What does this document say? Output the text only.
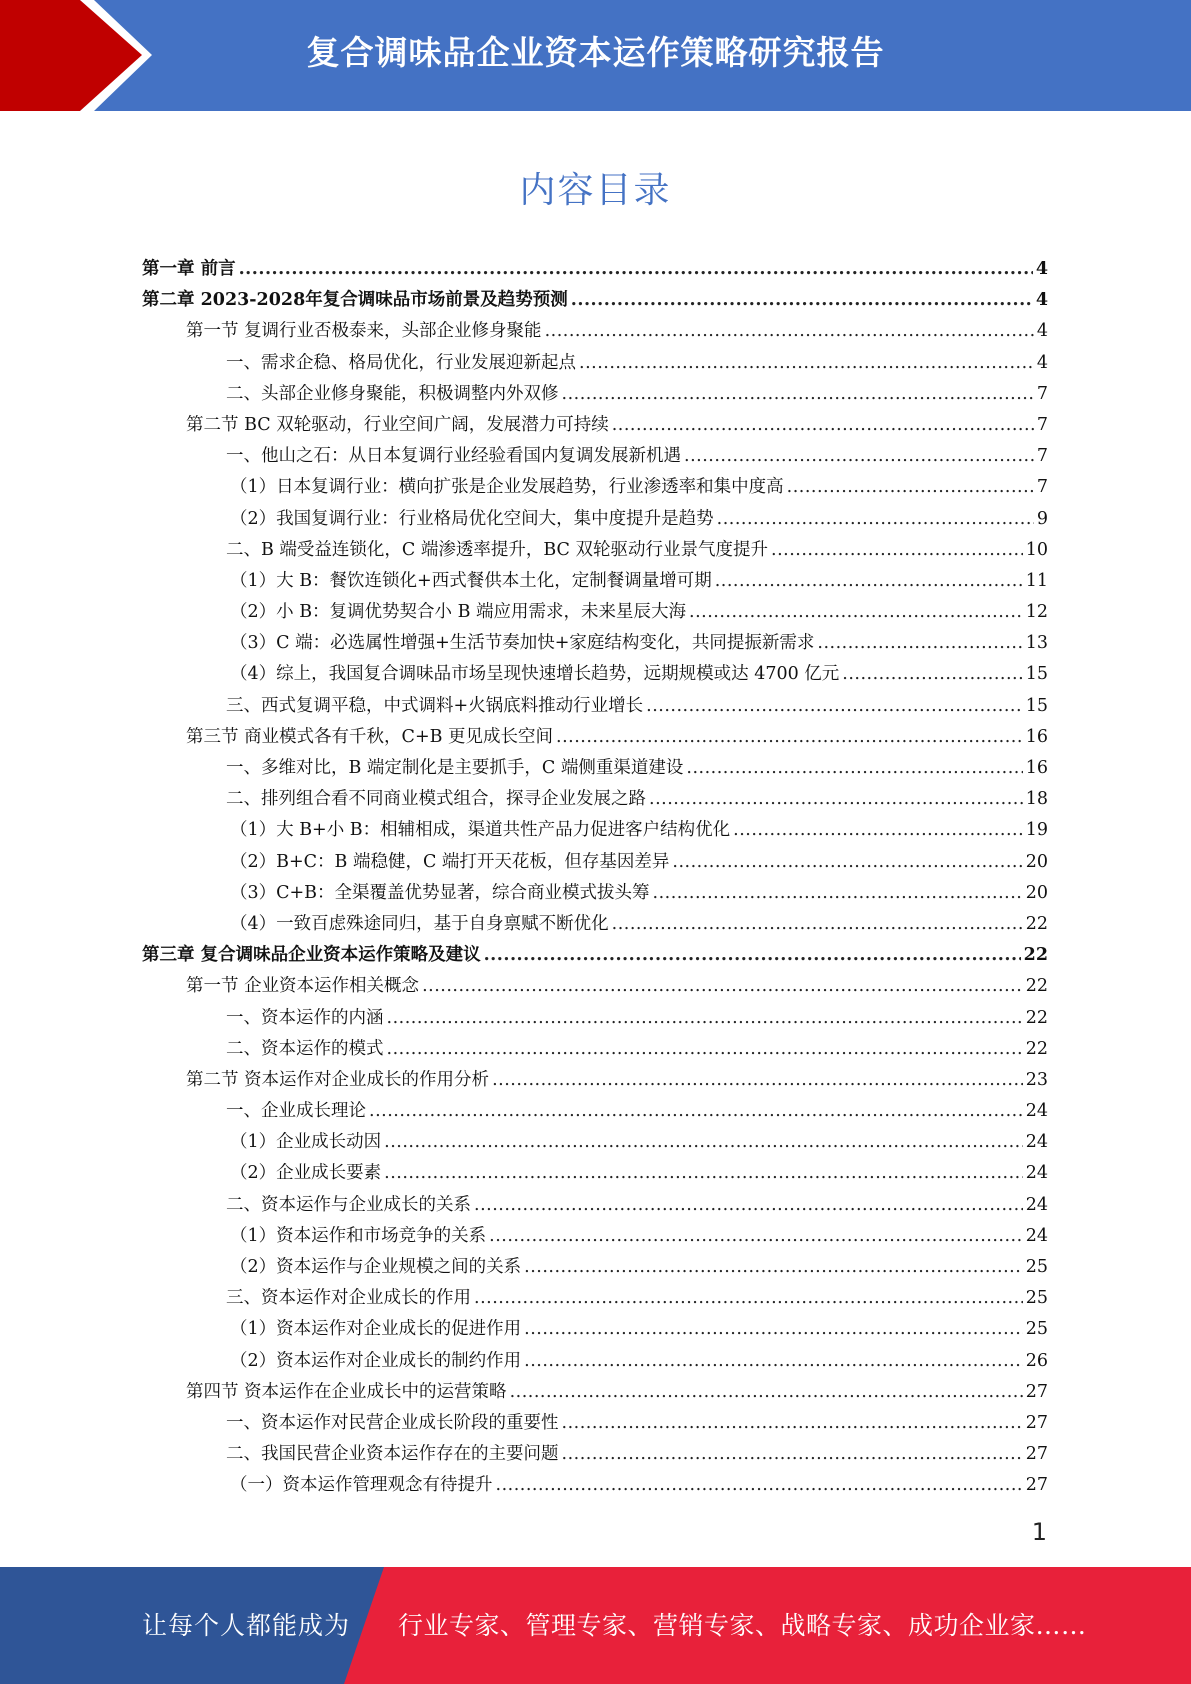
复合调味品企业资本运作策略研究报告
内容目录
第一章 前言 .....	4
第二章 2023-2028年复合调味品市场前景及趋势预测 .....	4
第一节 复调行业否极泰来，头部企业修身聚能 .....	4
一、需求企稳、格局优化，行业发展迎新起点 .....	4
二、头部企业修身聚能，积极调整内外双修 .....	7
第二节 BC 双轮驱动，行业空间广阔，发展潜力可持续 .....	7
一、他山之石：从日本复调行业经验看国内复调发展新机遇 .....	7
（1）日本复调行业：横向扩张是企业发展趋势，行业渗透率和集中度高 .....	7
（2）我国复调行业：行业格局优化空间大，集中度提升是趋势 .....	9
二、B 端受益连锁化，C 端渗透率提升，BC 双轮驱动行业景气度提升 .....	10
（1）大 B：餐饮连锁化+西式餐供本土化，定制餐调量增可期 .....	11
（2）小 B：复调优势契合小 B 端应用需求，未来星辰大海 .....	12
（3）C 端：必选属性增强+生活节奏加快+家庭结构变化，共同提振新需求 .....	13
（4）综上，我国复合调味品市场呈现快速增长趋势，远期规模或达 4700 亿元 .....	15
三、西式复调平稳，中式调料+火锅底料推动行业增长 .....	15
第三节 商业模式各有千秋，C+B 更见成长空间 .....	16
一、多维对比，B 端定制化是主要抓手，C 端侧重渠道建设 .....	16
二、排列组合看不同商业模式组合，探寻企业发展之路 .....	18
（1）大 B+小 B：相辅相成，渠道共性产品力促进客户结构优化 .....	19
（2）B+C：B 端稳健，C 端打开天花板，但存基因差异 .....	20
（3）C+B：全渠覆盖优势显著，综合商业模式拔头筹 .....	20
（4）一致百虑殊途同归，基于自身禀赋不断优化 .....	22
第三章 复合调味品企业资本运作策略及建议 .....	22
第一节 企业资本运作相关概念 .....	22
一、资本运作的内涵 .....	22
二、资本运作的模式 .....	22
第二节 资本运作对企业成长的作用分析 .....	23
一、企业成长理论 .....	24
（1）企业成长动因 .....	24
（2）企业成长要素 .....	24
二、资本运作与企业成长的关系 .....	24
（1）资本运作和市场竞争的关系 .....	24
（2）资本运作与企业规模之间的关系 .....	25
三、资本运作对企业成长的作用 .....	25
（1）资本运作对企业成长的促进作用 .....	25
（2）资本运作对企业成长的制约作用 .....	26
第四节 资本运作在企业成长中的运营策略 .....	27
一、资本运作对民营企业成长阶段的重要性 .....	27
二、我国民营企业资本运作存在的主要问题 .....	27
（一）资本运作管理观念有待提升 .....	27
1
让每个人都能成为 行业专家、管理专家、营销专家、战略专家、成功企业家……
